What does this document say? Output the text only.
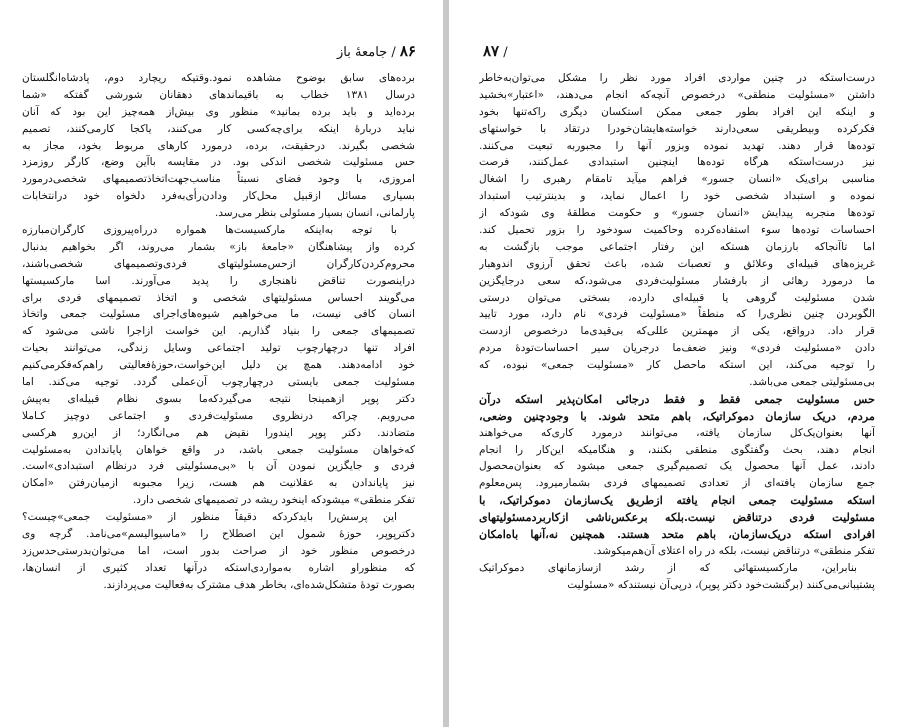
۸۶ / جامعهٔ باز
برده‌های سابق بوضوح مشاهده نمود.وقتیکه ریچارد دوم، پادشاه‌انگلستان
درسال ۱۳۸۱ خطاب به باقیماندهای دهقانان شورشی گفتکه «شما
برده‌اید و باید برده بمانید» منظور وی بیش‌از همه‌چیز این بود که آنان
نباید دربارهٔ اینکه برای‌چه‌کسی کار می‌کنند، یاکجا کارمی‌کنند، تصمیم
شخصی بگیرند. درحقیقت، برده، درمورد کارهای مربوط بخود، مجاز به
حس مسئولیت شخصی اندکی بود. در مقایسه باآین وضع، کارگر روزمزد
امروزی، با وجود فضای نسبتاً مناسب‌جهت‌اتخاذ‌تصمیمهای شخصی‌درمورد
بسیاری مسائل ازقبیل محل‌کار وداد‌ن‌رأی‌به‌فرد دلخواه خود درانتخابات
پارلمانی، انسان بسیار مسئولی بنظر می‌رسد.
با توجه به‌اینکه مارکسیست‌ها همواره درراه‌پیروزی کارگران‌مبارزه
کرده واز پیشاهنگان «جامعهٔ باز» بشمار می‌روند، اگر بخواهیم بدنبال
محروم‌کردن‌کارگران ازحس‌مسئولیتهای فردی‌وتصمیمهای شخصی‌باشند،
دراینصورت تناقض ناهنجاری را پدید می‌آورند. اسا مارکسیستها
می‌گویند احساس مسئولیتهای شخصی و اتخاذ تصمیمهای فردی برای
انسان کافی نیست، ما می‌خواهیم شیوه‌های‌اجرای مسئولیت جمعی واتخاذ
تصمیمهای جمعی را بنیاد گذاریم. این خواست ازاجرا ناشی می‌شود که
افراد تنها درچهارچوب تولید اجتماعی وسایل زندگی، می‌توانند بحیات
خود ادامه‌دهند. همچ ین دلیل این‌خواست،حوزهٔ‌فعالیتی راهم‌که‌فکر‌می‌کنیم
مسئولیت جمعی بایستی درچهارچوب آن‌عملی گردد. توجیه می‌کند. اما
دکتر پوپر ازهمینجا نتیجه می‌گیرد‌که‌ما بسوی نظام قبیله‌ای به‌پیش
می‌رویم. چراکه درنظروی مسئولیت‌فردی و اجتماعی دوچیز کـاملا
متضادند. دکتر پوپر ایندورا نقیض هم می‌انگارد؛ از این‌رو هرکسی
که‌خواهان مسئولیت جمعی باشد، در واقع خواهان پایاندادن به‌مسئولیت
فردی و جایگزین نمودن آن با «بی‌مسئولیتی فرد درنظام استبدادی»است.
نیز پایاندادن به عقلانیت هم هست، زیرا مجبوبه ازمیان‌رفتن «امکان
تفکر منطقی» میشودکه اینخود ریشه در تصمیمهای شخصی دارد.
این پرسش‌را بایدکردکه دقیقاً منظور از «مسئولیت جمعی»چیست؟
دکترپوپر، حوزهٔ شمول این اصطلاح را «ماسیوالیسم»می‌نامد. گرچه وی
درخصوص منظور خود از صراحت بدور است، اما می‌توان‌بدرستی‌حدس‌زد
که منظوراو اشاره به‌مواردی‌استکه درآنها تعداد کثیری از انسان‌ها،
بصورت تودهٔ متشکل‌شده‌ای، بخاطر هدف مشترک به‌فعالیت می‌پردازند.
۸۷ /
درست‌استکه در چنین مواردی افراد مورد نظر را مشکل می‌توان‌به‌خاطر
داشتن «مسئولیت منطقی» درخصوص آنچه‌که انجام می‌دهند، «اعتبار»بخشید
و اینکه این افراد بطور جمعی ممکن استکسان دیگری راکه‌تنها بخود
فکرکرده وبیطریقی سعی‌دارند خواسته‌هایشان‌خودرا درتقاد با خواستهای
توده‌ها قرار دهند. تهدید نموده وبزور آنها را مجبوربه تبعیت می‌کنند.
نیز درست‌استکه هرگاه توده‌ها اینچنین استبدادی عمل‌کنند، فرصت
مناسبی برای‌یک «انسان جسور» فراهم میآید تامقام رهبری را اشغال
نموده و استبداد شخصی خود را اعمال نماید، و بدینترتیب استبداد
توده‌ها منجربه پیدایش «انسان جسور» و حکومت مطلقهٔ وی شودکه از
احساسات توده‌ها سوء استفاده‌کرده وحاکمیت سودخود را بزور تحمیل کند.
اما تاآنجاکه بارزمان هستکه این رفتار اجتماعی موجب بازگشت به
غریزه‌های قبیله‌ای وعلائق و تعصبات شده، باعث تحقق آرزوی اندوهبار
ما درمورد رهائی از بارفشار مسئولیت‌فردی می‌شود،که سعی درجایگزین
شدن مسئولیت گروهی یا قبیله‌ای دارده، بسختی می‌توان درستی
الگوبردن چنین نظری‌را که منطقاً «مسئولیت فردی» نام دارد، مورد تایید
قرار داد. درواقع، یکی از مهمترین عللی‌که بی‌قیدی‌ما درخصوص ازدست
دادن «مسئولیت فردی» ونیز ضعف‌ما درجریان سیر احساسات‌تودهٔ مردم
را توجیه می‌کند، این استکه ماحصل کار «مسئولیت جمعی» نبوده، که
بی‌مسئولیتی جمعی می‌باشد.
حس مسئولیت جمعی فقط و فقط درجائی امکان‌پذیر استکه درآن
مردم، دریک سازمان دموکراتیک، باهم متحد شوند. با وجودچنین وضعی،
آنها بعنوان‌یک‌کل سازمان یافته، می‌توانند درمورد کاری‌که می‌خواهند
انجام دهند، بحث وگفتگوی منطقی بکنند، و هنگامیکه این‌کار را انجام
دادند، عمل آنها محصول یک تصمیم‌گیری جمعی میشود که بعنوان‌محصول
جمع سازمان یافته‌ای از تعدادی تصمیمهای فردی بشمارمیرود. پس‌معلوم
استکه مسئولیت جمعی انجام یافته ازطریق یک‌سازمان دموکراتیک، با
مسئولیت فردی درتناقض نیست.بلکه برعکس‌ناشی ازکاربردمسئولیتهای
افرادی استکه دریک‌سازمان، باهم متحد هستند. همچنین نه،آنها باه‌امکان
تفکر منطقی» درتناقض نیست، بلکه در راه اعتلای آن‌هم‌میکوشد.
بنابراین، مارکسیستهائی که از رشد ازسازمانهای دموکراتیک
پشتیبانی‌می‌کنند (برگنشت‌خود دکتر پوپر)، درپی‌آن نیستندکه «مسئولیت
